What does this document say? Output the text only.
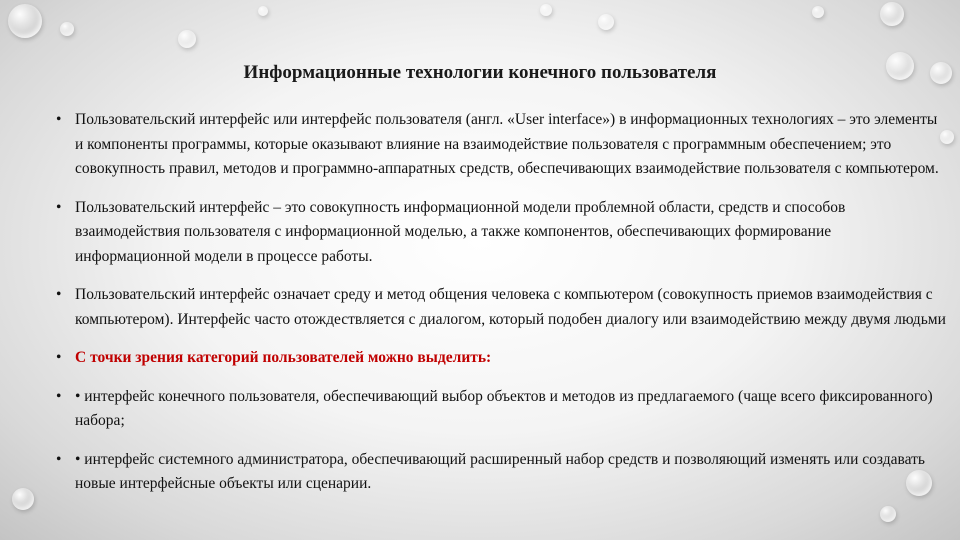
Информационные технологии конечного пользователя
• Пользовательский интерфейс или интерфейс пользователя (англ. «User interface») в информационных технологиях – это элементы и компоненты программы, которые оказывают влияние на взаимодействие пользователя с программным обеспечением; это совокупность правил, методов и программно-аппаратных средств, обеспечивающих взаимодействие пользователя с компьютером.
• Пользовательский интерфейс – это совокупность информационной модели проблемной области, средств и способов взаимодействия пользователя с информационной моделью, а также компонентов, обеспечивающих формирование информационной модели в процессе работы.
• Пользовательский интерфейс означает среду и метод общения человека с компьютером (совокупность приемов взаимодействия с компьютером). Интерфейс часто отождествляется с диалогом, который подобен диалогу или взаимодействию между двумя людьми
• С точки зрения категорий пользователей можно выделить:
• • интерфейс конечного пользователя, обеспечивающий выбор объектов и методов из предлагаемого (чаще всего фиксированного) набора;
• • интерфейс системного администратора, обеспечивающий расширенный набор средств и позволяющий изменять или создавать новые интерфейсные объекты или сценарии.
